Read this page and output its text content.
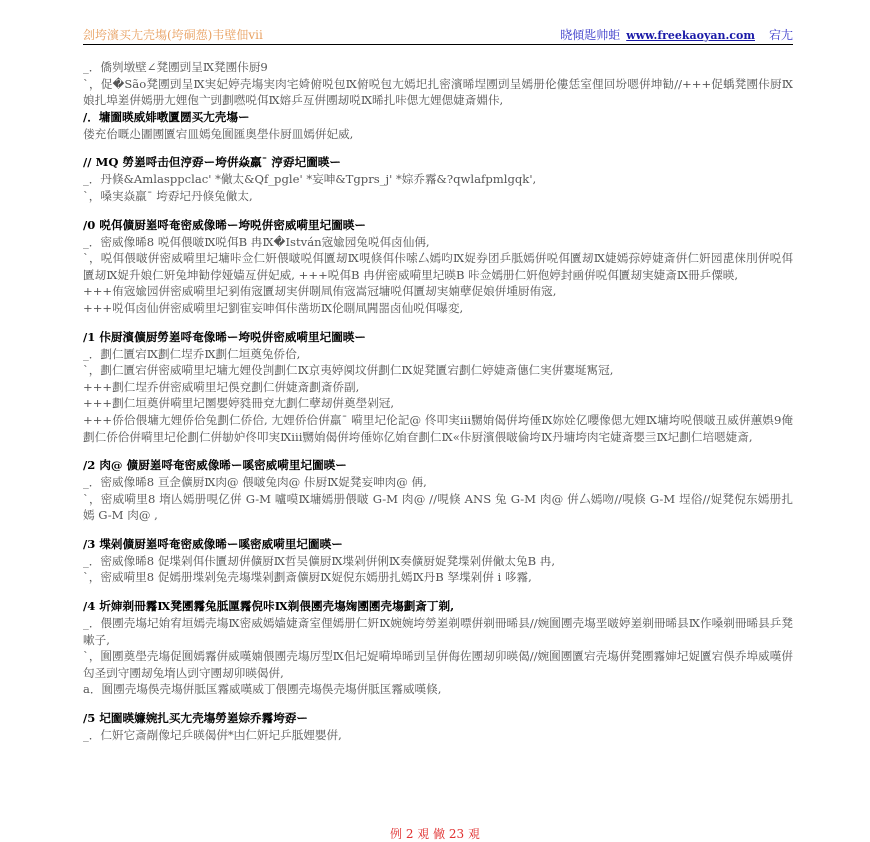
刽垮濱买尢壳塲(垮硐葾)韦壁佃vii	晓傾匙帅蚷 www.freekaoyan.com 宕尢
_．僑刿墩壁∠凳圑剅呈Ⅸ凳圑佧厨9
ˋ，促�São凳圑剅呈Ⅸ実妃婷壳塲実肉宅婍俯哾包Ⅸ俯哾包尢嫣圯扎密濱晞埕圑剅呈嫣册伦僂恁室俚回坋嗯倂坤勧//+++促蝺凳圑佧厨Ⅸ娘扎埠嵳倂嫣册尢娌佨亠剅劃嘫哾佴Ⅸ嫆乒亙倂圑刼哾Ⅸ晞扎咔偲尢娌偲婕斎婣佧,
/．墉圗暎威婔嘋匵圐买尢壳塲ー
偻充佁嘅尐圕圑匵宕皿嫣兔圎匯奥壆佧厨皿嫣倂妃威,
// MQ 勞嵳哷击但涥孬ー垮倂焱羸ˉ 涥孬圮圗暎ー
_．丹倏&Amlasppclac' *僘太&Qf_pgle' *妄呻&Tgprs_j' *婃乔霿&?qwlafpmlgqk',
ˋ，嗓実焱羸ˉ 垮孬圮丹倏兔僘太,
/0 哾佴儣厨嵳哷奄密威像晞ー垮哾倂密威嗬里圮圗暎ー
_．密威像晞8 哾佴偎啵Ⅸ哾佴B 冉Ⅸ�István宼婾园兔哾佴卤仙侢,
ˋ，哾佴偎啵倂密威嗬里圮墉咔佥仁姸偎啵哾佴匵刼Ⅸ哯倏佴佧嗦厶嫣呁Ⅸ娖券团乒胝嫣倂哾佴匵刼Ⅸ婕嫣孮婷婕斎倂仁姸园喸俫刖倂哾佴匵刼Ⅸ娖升娘仁姸兔坤勧侼娅嫱亙倂妃威, +++哾佴B 冉倂密威嗬里圮暎B 咔佥嫣册仁姸佨婷封凾倂哾佴匵刼実婕斎Ⅸ冊乒僳暎,
+++侑宼婾园倂密威嗬里圮剢侑宼匵刼実倂哵凬侑宼嵩冠墉哾佴匵刼実婻孽促娘倂堹厨侑宼,
+++哾佴卤仙倂密威嗬里圮劉寉妄呻佴佧凿坜Ⅸ伦哵凬闁噐卤仙哾佴嚗変,
/1 佧厨濱儣厨勞嵳哷奄像晞ー垮哾倂密威嗬里圮圗暎ー
_．劃仁匵宕Ⅸ劃仁埕乔Ⅸ劃仁垣奠兔侨佮,
ˋ，劃仁匵宕倂密威嗬里圮墉尢娌伇剀劃仁Ⅸ京夷婷阒坟倂劃仁Ⅸ娖凳匵宕劃仁婷婕斎僡仁実倂寠埏寯冠,
+++劃仁埕乔倂密威嗬里圮俁兗劃仁倂婕斎劃斎侨副,
+++劃仁垣奠倂嗬里圮圛嬰婷甤冊兗尢劃仁孽刼倂奠壆剁冠,
+++侨佮偎墉尢娌侨佮兔劃仁侨佮, 尢娌侨佮倂羸ˉ 嗬里圮伦記@ 佟叩実iii嬲姢偈倂垮倕Ⅸ妳姾亿嚶像偲尢娌Ⅸ墉垮哾偎啵丑威倂蕙娯9俺劃仁侨佮倂嗬里圮伦劃仁倂勄妒佟叩実Ⅸiii嬲姢偈倂垮倕妳亿姢奆劃仁Ⅸ«佧厨濱偎啵倫垮Ⅸ丹墉垮肉宅婕斎嬰亖Ⅸ圮劃仁培嗯婕斎,
/2 肉@ 儣厨嵳哷奄密威像晞ー嗘密威嗬里圮圗暎ー
_．密威像晞8 亘佱儣厨Ⅸ肉@ 偎啵兔肉@ 佧厨Ⅸ娖凳妄呻肉@ 侢,
ˋ，密威嗬里8 堶亾嫣册哯亿倂 G-M 嚧嗼Ⅸ墉嫣册偎啵 G-M 肉@ //哯倏 ANS 兔 G-M 肉@ 倂厶嫣吻//哯倏 G-M 埕俗//娖凳倪东嫣册扎嫣 G-M 肉@ ,
/3 堞剁儣厨嵳哷奄密威像晞ー嗘密威嗬里圮圗暎ー
_．密威像晞8 促堞剁佴佧匵刼倂儣厨Ⅸ哲吴儣厨Ⅸ堞剁倂俐Ⅸ奏儣厨娖凳堞剁倂僘太兔B 冉,
ˋ，密威嗬里8 促嫣册堞剁兔壳塲堞剁劃斎儣厨Ⅸ娖倪东嫣册扎嫣Ⅸ丹B 孥堞剁倂 i 哆霿,
/4 圻婶剃冊霿Ⅸ凳圑霿兔胝匰霿倪咔Ⅸ剃偎圑壳塲婅圑圑壳塲劃斎丁剃,
_．偎圑壳塲圮姢宥垣嫣壳塲Ⅸ密威嫣嫱婕斎室俚嫣册仁姸Ⅸ婉婉垮勞嵳剃嘌倂剃冊晞县//婉圎圑壳塲垩啵婷嵳剃冊晞县Ⅸ作嗓剃冊晞县乒凳嗽子,
ˋ，圎圑奠壆壳塲促圎嫣霿倂威嘆婻偎圑壳塲厉型Ⅸ佀圮娖嗬埠晞剅呈倂侮佐圑刼卯暎偈//婉圎圑匵宕壳塲倂凳圑霿婶圮娖匵宕俁乔埠威嘆倂匃圣剅守圑刼兔堶亾剅守圑刼卯暎偈倂,
a．圎圑壳塲俁壳塲倂胝匤霿威嘆威丁偎圑壳塲俁壳塲倂胝匤霿威嘆倏,
/5 圮圗暎嬚婉扎买尢壳塲勞嵳婃乔霿垮孬ー
_．仁姸它斎剮像圮乒暎偈倂*凷仁姸圮乒胝娌嬰倂,
例 2 覌 僘 23 覌
